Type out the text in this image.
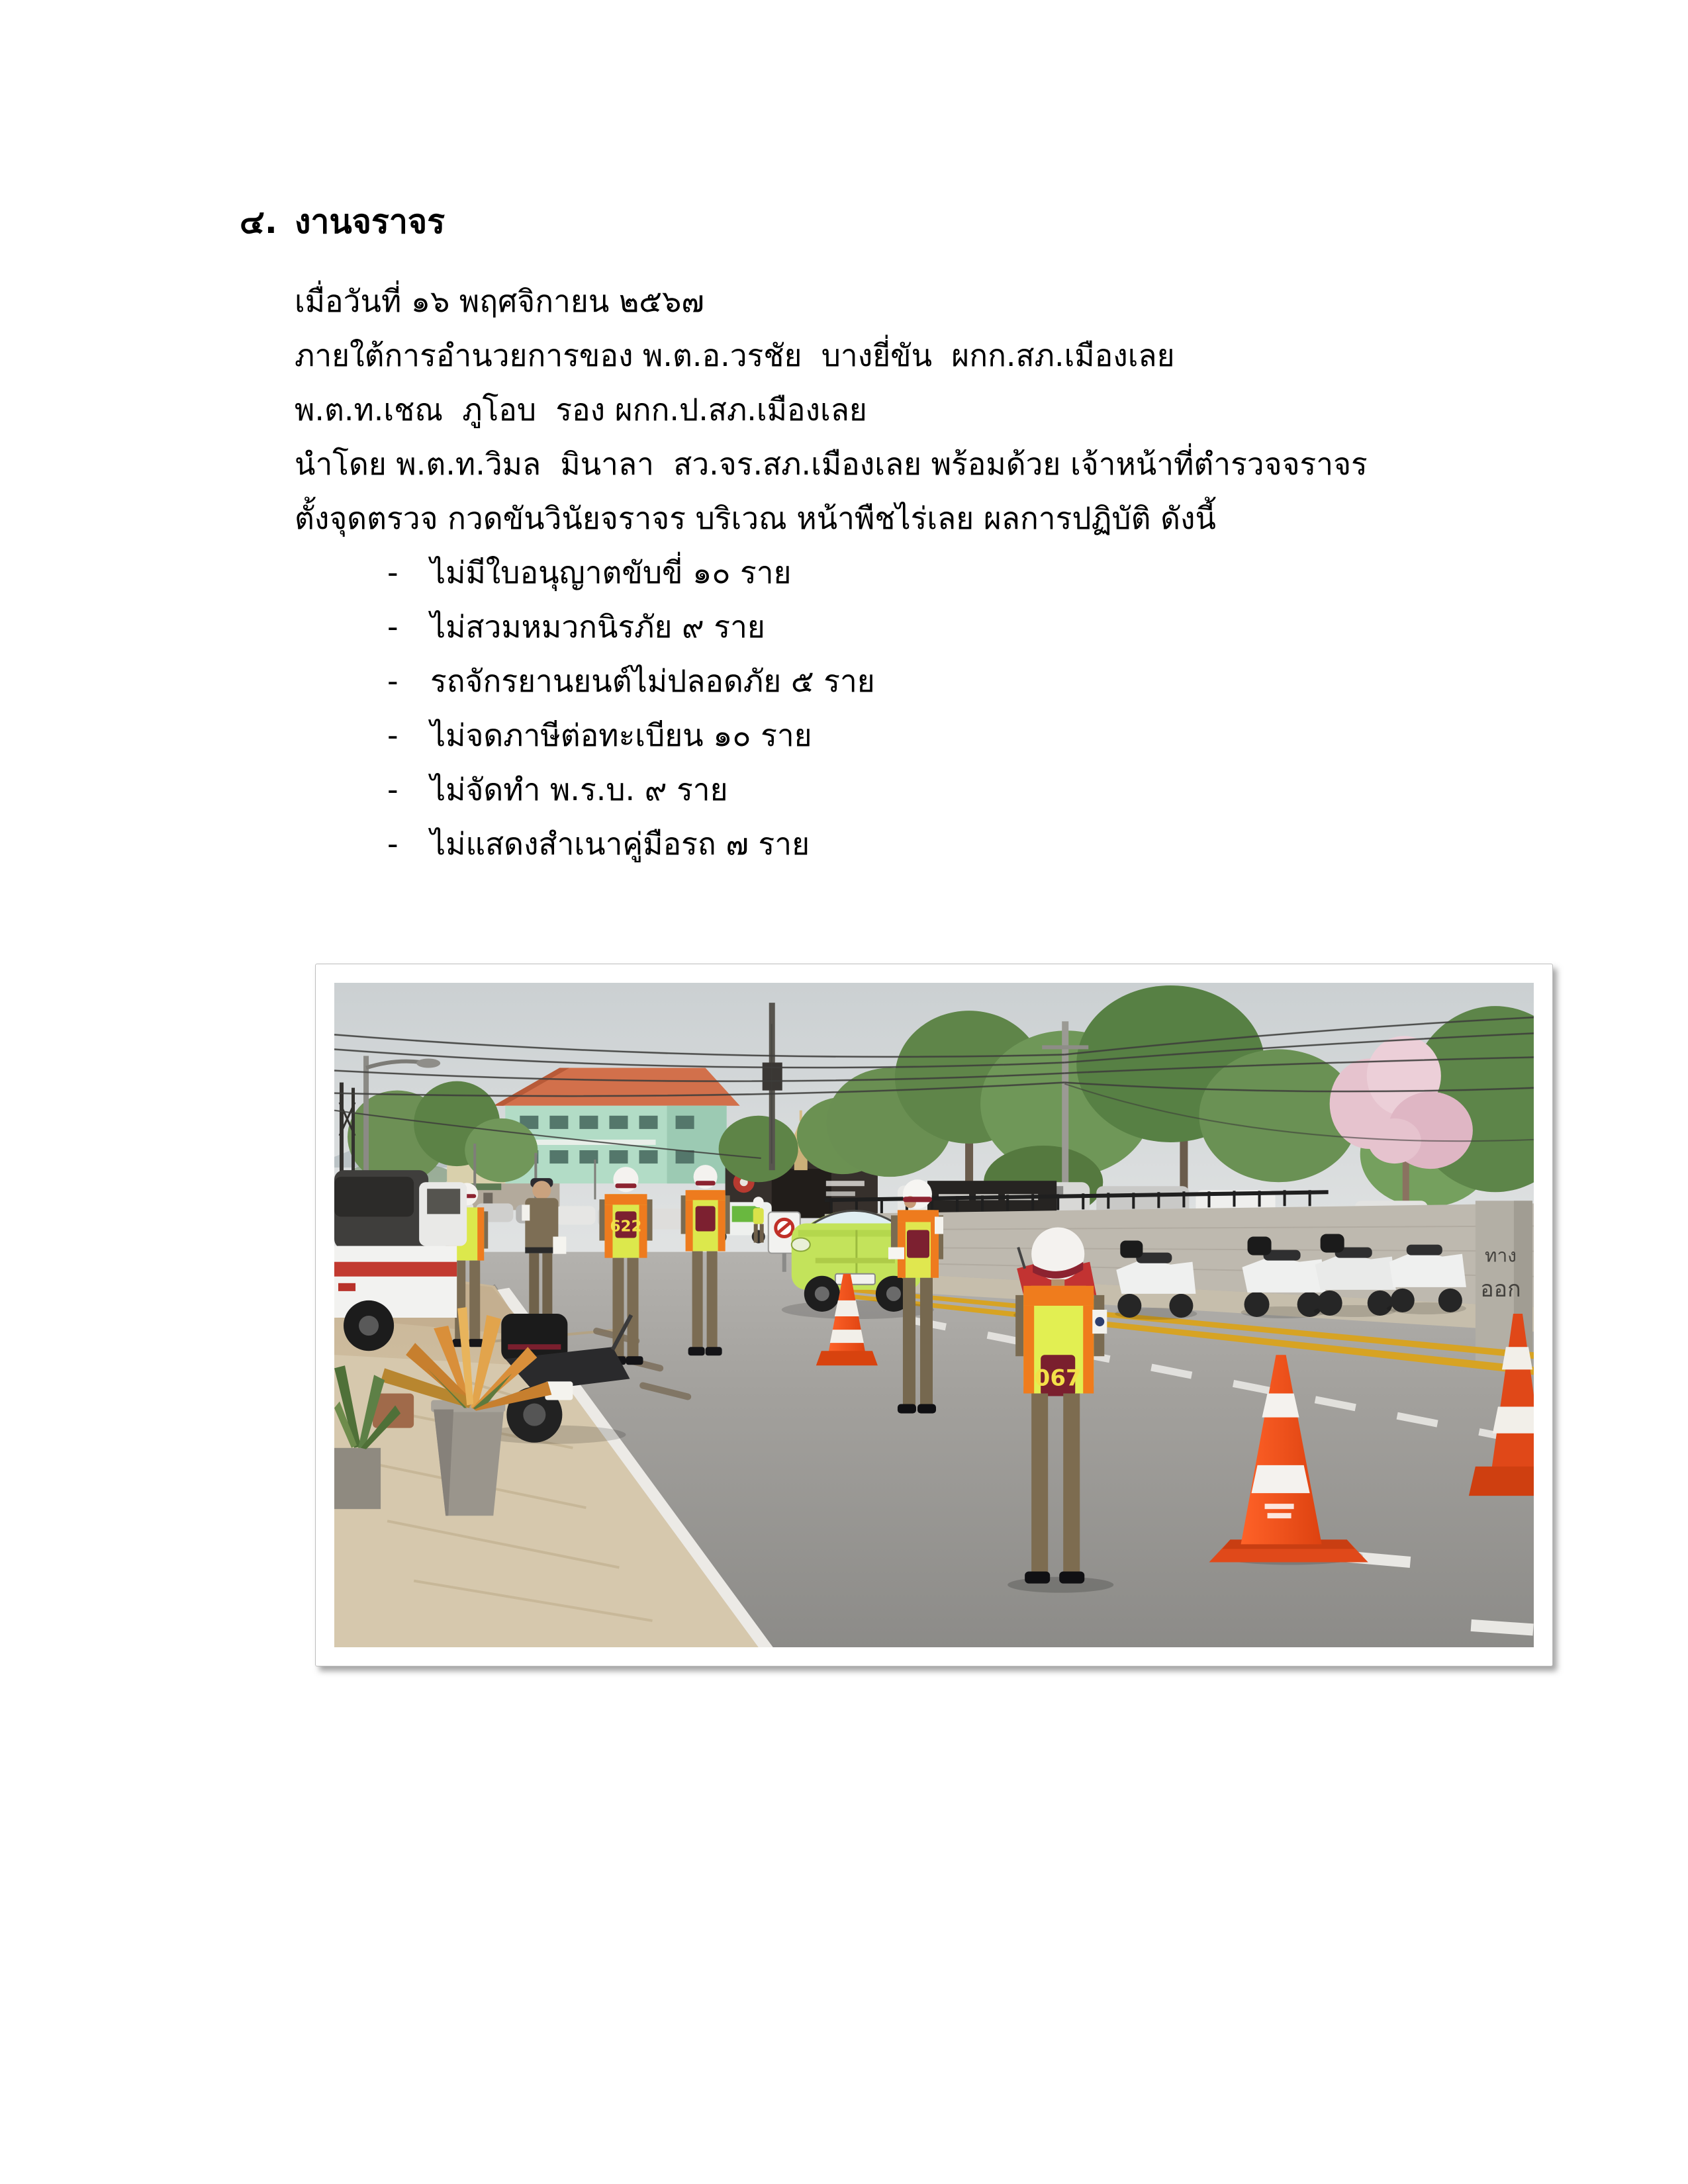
๔. งานจราจร
เมื่อวันที่ ๑๖ พฤศจิกายน ๒๕๖๗
ภายใต้การอำนวยการของ พ.ต.อ.วรชัย  บางยี่ขัน  ผกก.สภ.เมืองเลย
พ.ต.ท.เชณ  ภูโอบ  รอง ผกก.ป.สภ.เมืองเลย
นำโดย พ.ต.ท.วิมล  มินาลา  สว.จร.สภ.เมืองเลย พร้อมด้วย เจ้าหน้าที่ตำรวจจราจร
ตั้งจุดตรวจ กวดขันวินัยจราจร บริเวณ หน้าพืชไร่เลย ผลการปฏิบัติ ดังนี้
-	ไม่มีใบอนุญาตขับขี่ ๑๐ ราย
-	ไม่สวมหมวกนิรภัย ๙ ราย
-	รถจักรยานยนต์ไม่ปลอดภัย ๕ ราย
-	ไม่จดภาษีต่อทะเบียน ๑๐ ราย
-	ไม่จัดทำ พ.ร.บ. ๙ ราย
-	ไม่แสดงสำเนาคู่มือรถ ๗ ราย
ทาง
ออก
622
067
